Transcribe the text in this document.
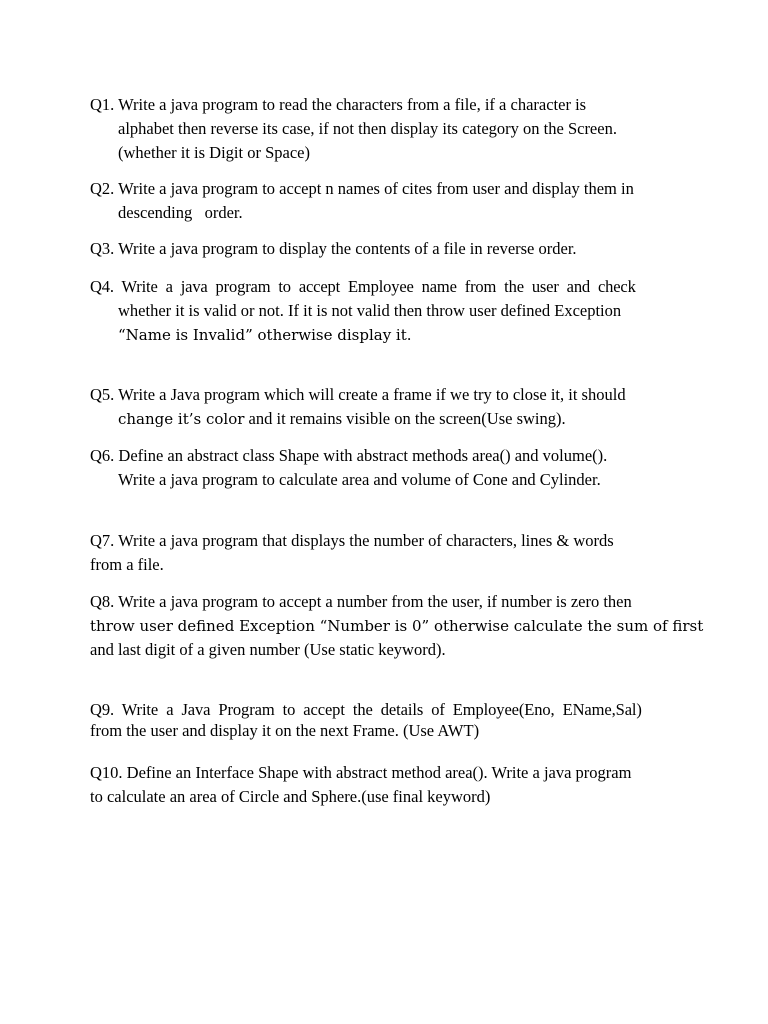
Q1. Write a java program to read the characters from a file, if a character is
alphabet then reverse its case, if not then display its category on the Screen.
(whether it is Digit or Space)
Q2. Write a java program to accept n names of cites from user and display them in
descending   order.
Q3. Write a java program to display the contents of a file in reverse order.
Q4.  Write  a  java  program  to  accept  Employee  name  from  the  user  and  check
whether it is valid or not. If it is not valid then throw user defined Exception
“Name is Invalid” otherwise display it.
Q5. Write a Java program which will create a frame if we try to close it, it should
change it’s color and it remains visible on the screen(Use swing).
Q6. Define an abstract class Shape with abstract methods area() and volume().
Write a java program to calculate area and volume of Cone and Cylinder.
Q7. Write a java program that displays the number of characters, lines & words
from a file.
Q8. Write a java program to accept a number from the user, if number is zero then
throw user defined Exception “Number is 0” otherwise calculate the sum of first
and last digit of a given number (Use static keyword).
Q9.  Write  a  Java  Program  to  accept  the  details  of  Employee(Eno,  EName,Sal)
from the user and display it on the next Frame. (Use AWT)
Q10. Define an Interface Shape with abstract method area(). Write a java program
to calculate an area of Circle and Sphere.(use final keyword)
